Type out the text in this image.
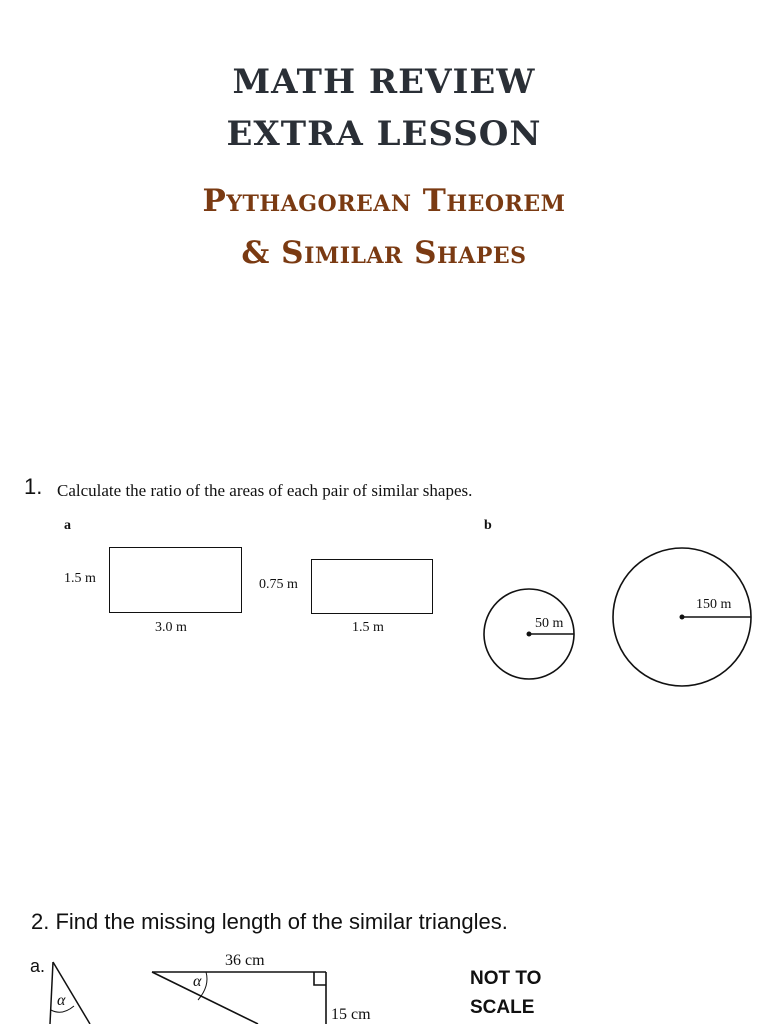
MATH REVIEW
EXTRA LESSON
Pythagorean Theorem
& Similar Shapes
1. Calculate the ratio of the areas of each pair of similar shapes.
a	b
1.5 m
3.0 m
0.75 m
1.5 m	50 m
150 m
2. Find the missing length of the similar triangles.
a.
α
α
36 cm
15 cm
NOT TO
SCALE
